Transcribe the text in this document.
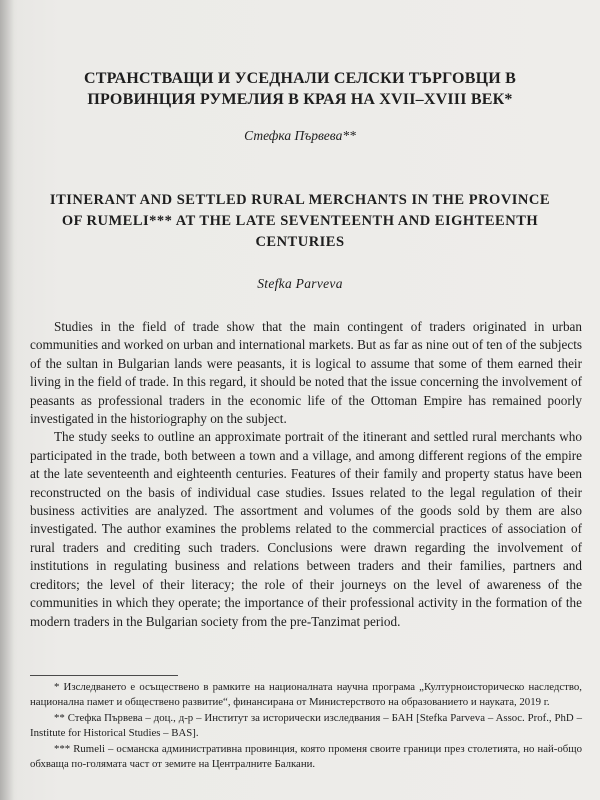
СТРАНСТВАЩИ И УСЕДНАЛИ СЕЛСКИ ТЪРГОВЦИ В ПРОВИНЦИЯ РУМЕЛИЯ В КРАЯ НА XVII–XVIII ВЕК*
Стефка Първева**
ITINERANT AND SETTLED RURAL MERCHANTS IN THE PROVINCE OF RUMELI*** AT THE LATE SEVENTEENTH AND EIGHTEENTH CENTURIES
Stefka Parveva

Studies in the field of trade show that the main contingent of traders originated in urban communities and worked on urban and international markets. But as far as nine out of ten of the subjects of the sultan in Bulgarian lands were peasants, it is logical to assume that some of them earned their living in the field of trade. In this regard, it should be noted that the issue concerning the involvement of peasants as professional traders in the economic life of the Ottoman Empire has remained poorly investigated in the historiography on the subject.

The study seeks to outline an approximate portrait of the itinerant and settled rural merchants who participated in the trade, both between a town and a village, and among different regions of the empire at the late seventeenth and eighteenth centuries. Features of their family and property status have been reconstructed on the basis of individual case studies. Issues related to the legal regulation of their business activities are analyzed. The assortment and volumes of the goods sold by them are also investigated. The author examines the problems related to the commercial practices of association of rural traders and crediting such traders. Conclusions were drawn regarding the involvement of institutions in regulating business and relations between traders and their families, partners and creditors; the level of their literacy; the role of their journeys on the level of awareness of the communities in which they operate; the importance of their professional activity in the formation of the modern traders in the Bulgarian society from the pre-Tanzimat period.

* Изследването е осъществено в рамките на националната научна програма „Културноисторическо наследство, национална памет и обществено развитие“, финансирана от Министерството на образованието и науката, 2019 г.

** Стефка Първева – доц., д-р – Институт за исторически изследвания – БАН [Stefka Parveva – Assoc. Prof., PhD – Institute for Historical Studies – BAS].

*** Rumeli – османска административна провинция, която променя своите граници през столетията, но най-общо обхваща по-голямата част от земите на Централните Балкани.
